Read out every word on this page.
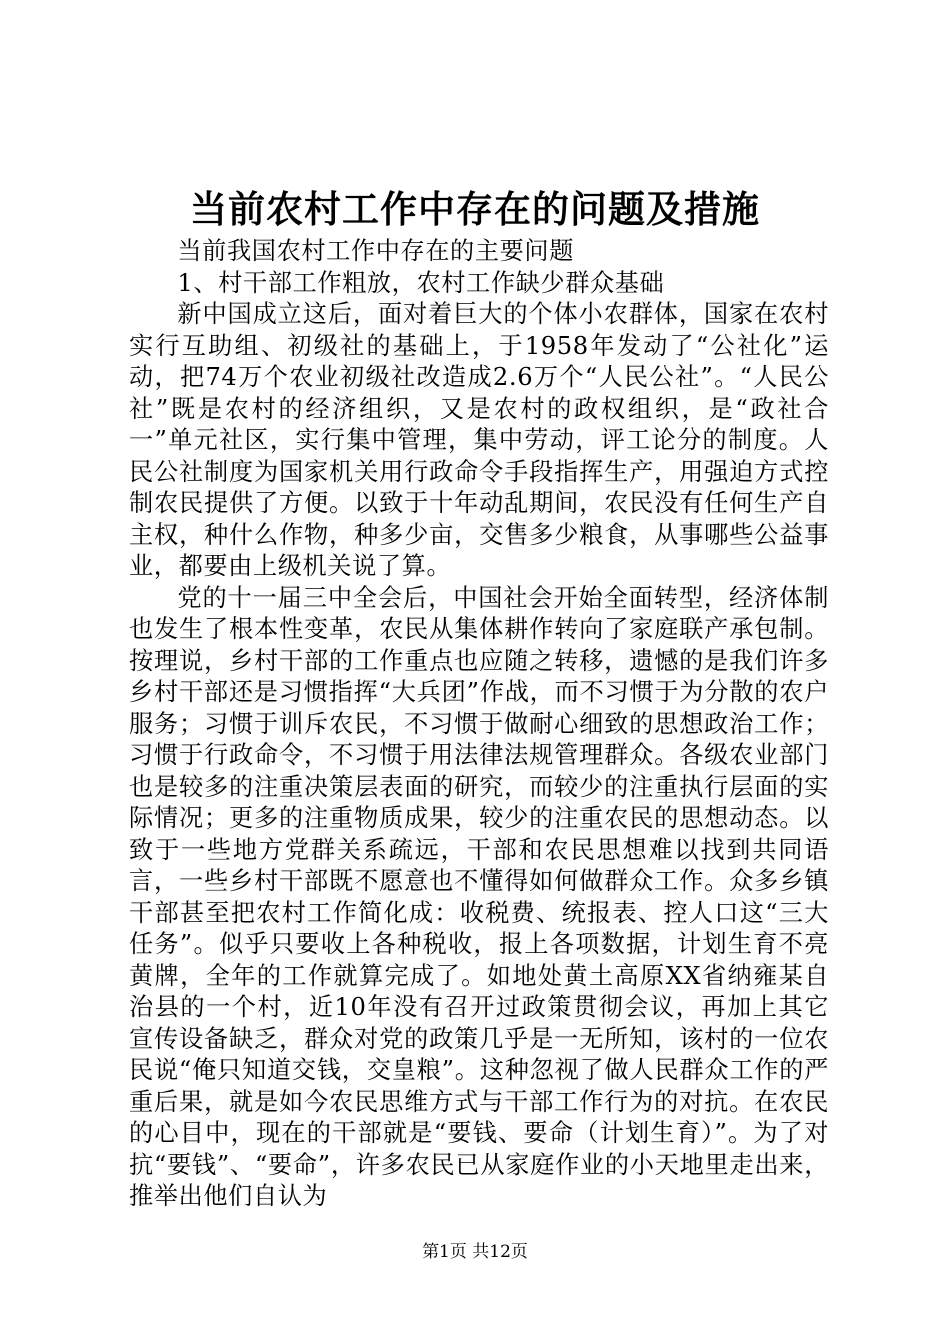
当前农村工作中存在的问题及措施

当前我国农村工作中存在的主要问题

1、村干部工作粗放，农村工作缺少群众基础

新中国成立这后，面对着巨大的个体小农群体，国家在农村实行互助组、初级社的基础上，于1958年发动了“公社化”运动，把74万个农业初级社改造成2.6万个“人民公社”。“人民公社”既是农村的经济组织，又是农村的政权组织，是“政社合一”单元社区，实行集中管理，集中劳动，评工论分的制度。人民公社制度为国家机关用行政命令手段指挥生产，用强迫方式控制农民提供了方便。以致于十年动乱期间，农民没有任何生产自主权，种什么作物，种多少亩，交售多少粮食，从事哪些公益事业，都要由上级机关说了算。

党的十一届三中全会后，中国社会开始全面转型，经济体制也发生了根本性变革，农民从集体耕作转向了家庭联产承包制。按理说，乡村干部的工作重点也应随之转移，遗憾的是我们许多乡村干部还是习惯指挥“大兵团”作战，而不习惯于为分散的农户服务；习惯于训斥农民，不习惯于做耐心细致的思想政治工作；习惯于行政命令，不习惯于用法律法规管理群众。各级农业部门也是较多的注重决策层表面的研究，而较少的注重执行层面的实际情况；更多的注重物质成果，较少的注重农民的思想动态。以致于一些地方党群关系疏远，干部和农民思想难以找到共同语言，一些乡村干部既不愿意也不懂得如何做群众工作。众多乡镇干部甚至把农村工作简化成：收税费、统报表、控人口这“三大任务”。似乎只要收上各种税收，报上各项数据，计划生育不亮黄牌，全年的工作就算完成了。如地处黄土高原XX省纳雍某自治县的一个村，近10年没有召开过政策贯彻会议，再加上其它宣传设备缺乏，群众对党的政策几乎是一无所知，该村的一位农民说“俺只知道交钱，交皇粮”。这种忽视了做人民群众工作的严重后果，就是如今农民思维方式与干部工作行为的对抗。在农民的心目中，现在的干部就是“要钱、要命（计划生育）”。为了对抗“要钱”、“要命”，许多农民已从家庭作业的小天地里走出来，推举出他们自认为

第1页 共12页
